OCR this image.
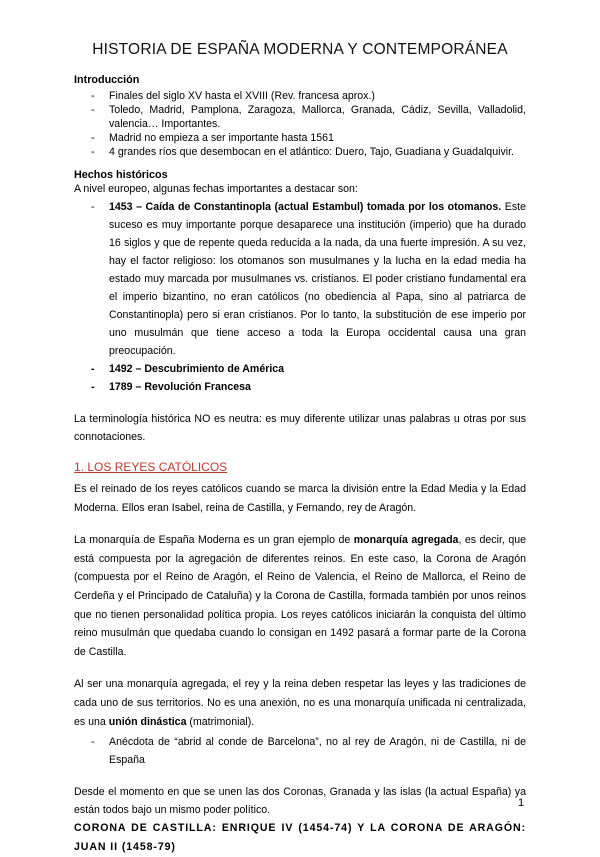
HISTORIA DE ESPAÑA MODERNA Y CONTEMPORÁNEA
Introducción
- Finales del siglo XV hasta el XVIII (Rev. francesa aprox.)
- Toledo, Madrid, Pamplona, Zaragoza, Mallorca, Granada, Cádiz, Sevilla, Valladolid, valencia… Importantes.
- Madrid no empieza a ser importante hasta 1561
- 4 grandes ríos que desembocan en el atlántico: Duero, Tajo, Guadiana y Guadalquivir.
Hechos históricos

A nivel europeo, algunas fechas importantes a destacar son:

- 1453 – Caída de Constantinopla (actual Estambul) tomada por los otomanos. Este suceso es muy importante porque desaparece una institución (imperio) que ha durado 16 siglos y que de repente queda reducida a la nada, da una fuerte impresión. A su vez, hay el factor religioso: los otomanos son musulmanes y la lucha en la edad media ha estado muy marcada por musulmanes vs. cristianos. El poder cristiano fundamental era el imperio bizantino, no eran católicos (no obediencia al Papa, sino al patriarca de Constantinopla) pero si eran cristianos. Por lo tanto, la substitución de ese imperio por uno musulmán que tiene acceso a toda la Europa occidental causa una gran preocupación.
- 1492 – Descubrimiento de América
- 1789 – Revolución Francesa

La terminología histórica NO es neutra: es muy diferente utilizar unas palabras u otras por sus connotaciones.

1. LOS REYES CATÓLICOS

Es el reinado de los reyes católicos cuando se marca la división entre la Edad Media y la Edad Moderna. Ellos eran Isabel, reina de Castilla, y Fernando, rey de Aragón.

La monarquía de España Moderna es un gran ejemplo de monarquía agregada, es decir, que está compuesta por la agregación de diferentes reinos. En este caso, la Corona de Aragón (compuesta por el Reino de Aragón, el Reino de Valencia, el Reino de Mallorca, el Reino de Cerdeña y el Principado de Cataluña) y la Corona de Castilla, formada también por unos reinos que no tienen personalidad política propia. Los reyes católicos iniciarán la conquista del último reino musulmán que quedaba cuando lo consigan en 1492 pasará a formar parte de la Corona de Castilla.

Al ser una monarquía agregada, el rey y la reina deben respetar las leyes y las tradiciones de cada uno de sus territorios. No es una anexión, no es una monarquía unificada ni centralizada, es una unión dinástica (matrimonial).

- Anécdota de “abrid al conde de Barcelona”, no al rey de Aragón, ni de Castilla, ni de España

Desde el momento en que se unen las dos Coronas, Granada y las islas (la actual España) ya están todos bajo un mismo poder político.

CORONA DE CASTILLA: ENRIQUE IV (1454-74) Y LA CORONA DE ARAGÓN: JUAN II (1458-79)

1
